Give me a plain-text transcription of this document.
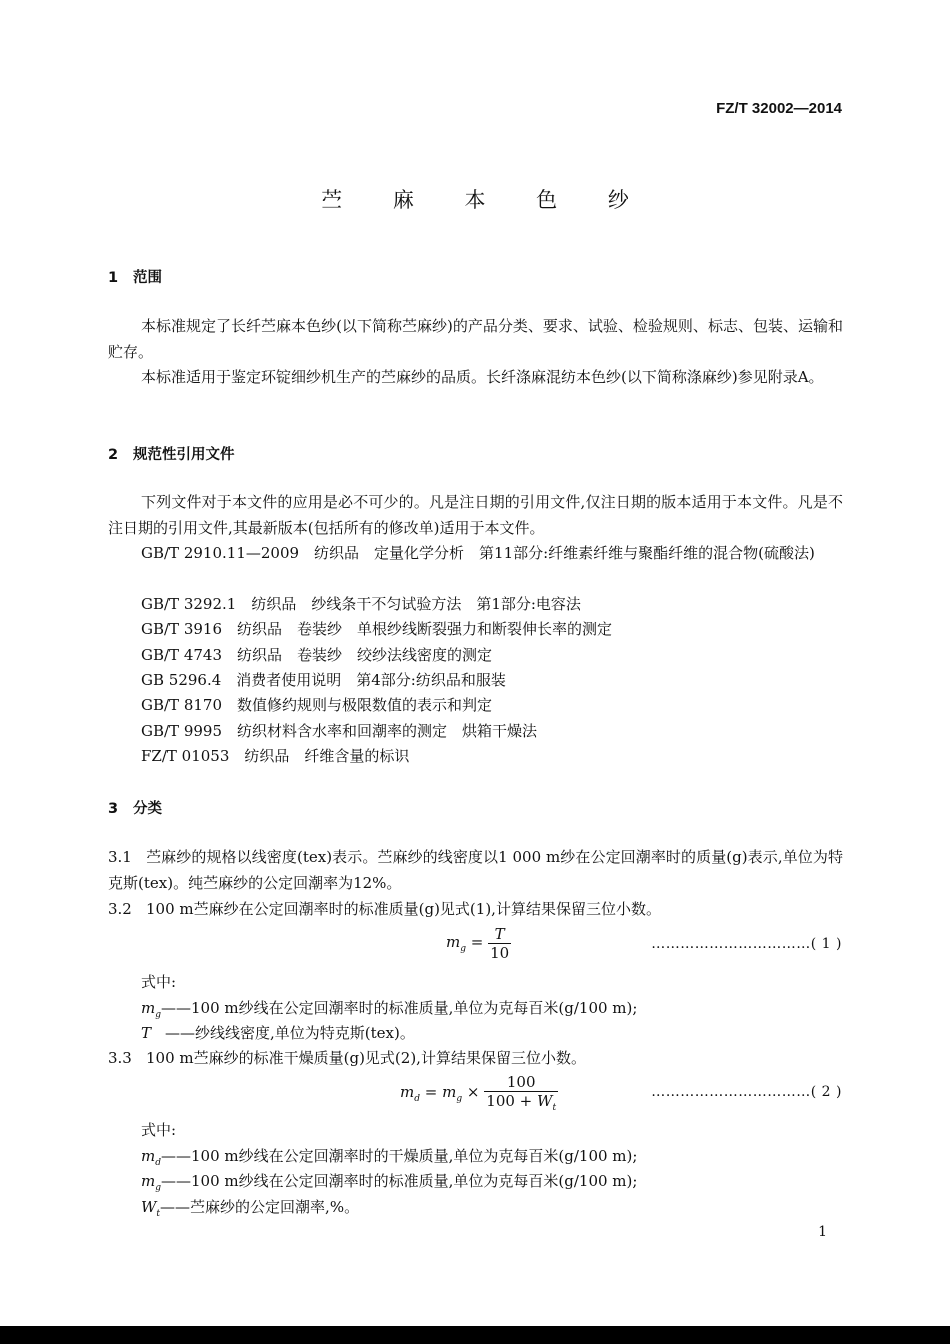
FZ/T 32002—2014
苎 麻 本 色 纱
1 范围
本标准规定了长纤苎麻本色纱(以下简称苎麻纱)的产品分类、要求、试验、检验规则、标志、包装、运输和贮存。
本标准适用于鉴定环锭细纱机生产的苎麻纱的品质。长纤涤麻混纺本色纱(以下简称涤麻纱)参见附录A。
2 规范性引用文件
下列文件对于本文件的应用是必不可少的。凡是注日期的引用文件,仅注日期的版本适用于本文件。凡是不注日期的引用文件,其最新版本(包括所有的修改单)适用于本文件。
GB/T 2910.11—2009　纺织品　定量化学分析　第11部分:纤维素纤维与聚酯纤维的混合物(硫酸法)
GB/T 3292.1　纺织品　纱线条干不匀试验方法　第1部分:电容法
GB/T 3916　纺织品　卷装纱　单根纱线断裂强力和断裂伸长率的测定
GB/T 4743　纺织品　卷装纱　绞纱法线密度的测定
GB 5296.4　消费者使用说明　第4部分:纺织品和服装
GB/T 8170　数值修约规则与极限数值的表示和判定
GB/T 9995　纺织材料含水率和回潮率的测定　烘箱干燥法
FZ/T 01053　纺织品　纤维含量的标识
3 分类
3.1 苎麻纱的规格以线密度(tex)表示。苎麻纱的线密度以1 000 m纱在公定回潮率时的质量(g)表示,单位为特克斯(tex)。纯苎麻纱的公定回潮率为12%。
3.2 100 m苎麻纱在公定回潮率时的标准质量(g)见式(1),计算结果保留三位小数。
$m_g = \frac{T}{10}$	……………………………( 1 )
式中:
$m_g——100$ m纱线在公定回潮率时的标准质量,单位为克每百米(g/100 m);
T ——纱线线密度,单位为特克斯(tex)。
3.3 100 m苎麻纱的标准干燥质量(g)见式(2),计算结果保留三位小数。
$m_d = m_g \times \frac{100}{100 + W_t}$	……………………………( 2 )
式中:
$m_d——100$ m纱线在公定回潮率时的干燥质量,单位为克每百米(g/100 m);
$m_g——100$ m纱线在公定回潮率时的标准质量,单位为克每百米(g/100 m);
$W_t——$苎麻纱的公定回潮率,%。
1
